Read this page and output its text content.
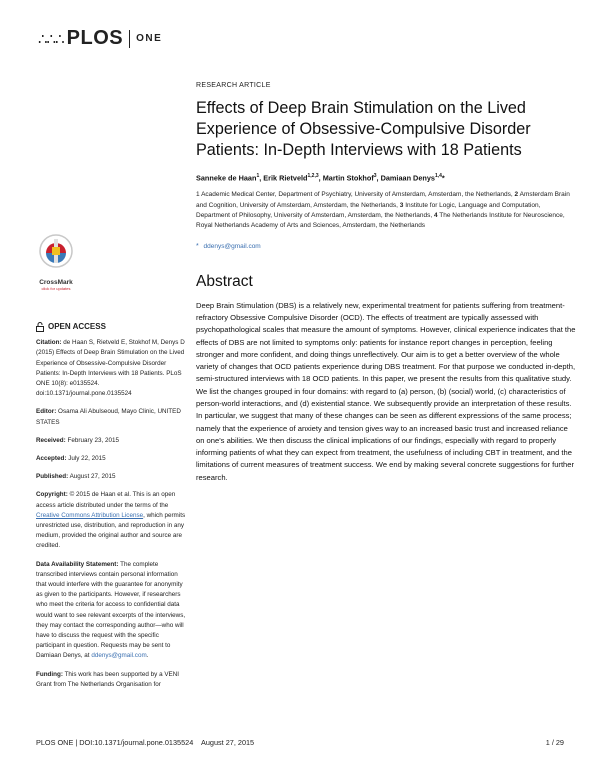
∴∴∴ PLOS ONE
CrossMark
click for updates
OPEN ACCESS

Citation: de Haan S, Rietveld E, Stokhof M, Denys D (2015) Effects of Deep Brain Stimulation on the Lived Experience of Obsessive-Compulsive Disorder Patients: In-Depth Interviews with 18 Patients. PLoS ONE 10(8): e0135524. doi:10.1371/journal.pone.0135524

Editor: Osama Ali Abulseoud, Mayo Clinic, UNITED STATES

Received: February 23, 2015

Accepted: July 22, 2015

Published: August 27, 2015

Copyright: © 2015 de Haan et al. This is an open access article distributed under the terms of the Creative Commons Attribution License, which permits unrestricted use, distribution, and reproduction in any medium, provided the original author and source are credited.

Data Availability Statement: The complete transcribed interviews contain personal information that would interfere with the guarantee for anonymity as given to the participants. However, if researchers who meet the criteria for access to confidential data would want to see relevant excerpts of the interviews, they may contact the corresponding author—who will have to discuss the request with the specific participant in question. Requests may be sent to Damiaan Denys, at ddenys@gmail.com.

Funding: This work has been supported by a VENI Grant from The Netherlands Organisation for

RESEARCH ARTICLE
Effects of Deep Brain Stimulation on the Lived Experience of Obsessive-Compulsive Disorder Patients: In-Depth Interviews with 18 Patients
Sanneke de Haan$^1$, Erik Rietveld$^{1,2,3}$, Martin Stokhof$^3$, Damiaan Denys$^{1,4}$*
1 Academic Medical Center, Department of Psychiatry, University of Amsterdam, Amsterdam, the Netherlands, 2 Amsterdam Brain and Cognition, University of Amsterdam, Amsterdam, the Netherlands, 3 Institute for Logic, Language and Computation, Department of Philosophy, University of Amsterdam, Amsterdam, the Netherlands, 4 The Netherlands Institute for Neuroscience, Royal Netherlands Academy of Arts and Sciences, Amsterdam, the Netherlands
* ddenys@gmail.com
Abstract
Deep Brain Stimulation (DBS) is a relatively new, experimental treatment for patients suffering from treatment-refractory Obsessive Compulsive Disorder (OCD). The effects of treatment are typically assessed with psychopathological scales that measure the amount of symptoms. However, clinical experience indicates that the effects of DBS are not limited to symptoms only: patients for instance report changes in perception, feeling stronger and more confident, and doing things unreflectively. Our aim is to get a better overview of the whole variety of changes that OCD patients experience during DBS treatment. For that purpose we conducted in-depth, semi-structured interviews with 18 OCD patients. In this paper, we present the results from this qualitative study. We list the changes grouped in four domains: with regard to (a) person, (b) (social) world, (c) characteristics of person-world interactions, and (d) existential stance. We subsequently provide an interpretation of these results. In particular, we suggest that many of these changes can be seen as different expressions of the same process; namely that the experience of anxiety and tension gives way to an increased basic trust and increased reliance on one's abilities. We then discuss the clinical implications of our findings, especially with regard to properly informing patients of what they can expect from treatment, the usefulness of including CBT in treatment, and the limitations of current measures of treatment success. We end by making several concrete suggestions for further research.
PLOS ONE | DOI:10.1371/journal.pone.0135524    August 27, 2015	1 / 29
